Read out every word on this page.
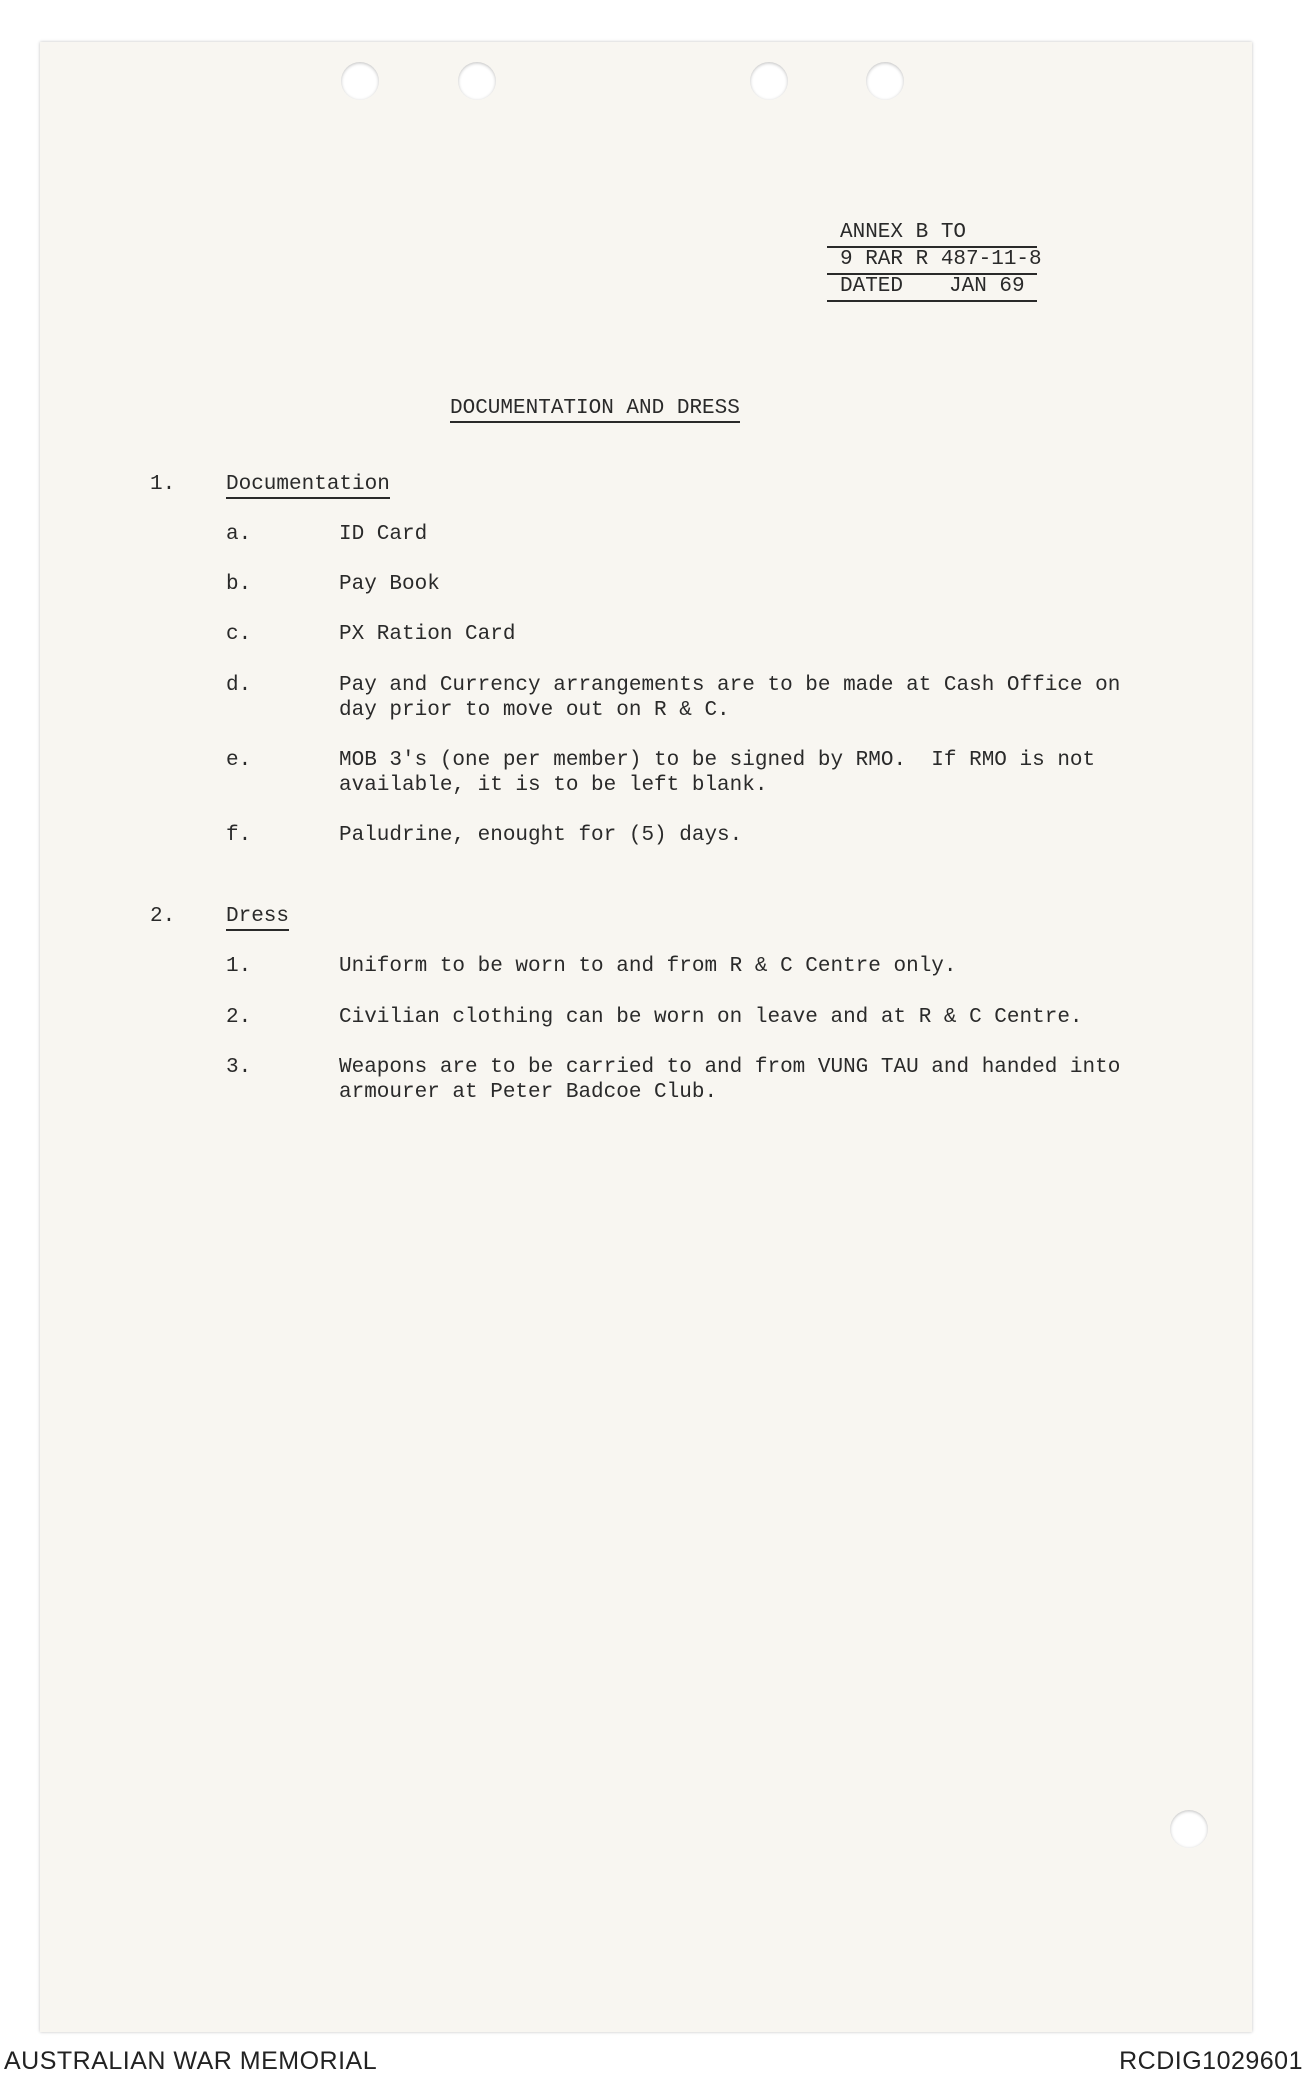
ANNEX B TO
9 RAR R 487-11-8
DATED JAN 69
DOCUMENTATION AND DRESS
1. Documentation
a.	ID Card
b.	Pay Book
c.	PX Ration Card
d.	Pay and Currency arrangements are to be made at Cash Office on
day prior to move out on R & C.
e.	MOB 3's (one per member) to be signed by RMO.  If RMO is not
available, it is to be left blank.
f.	Paludrine, enought for (5) days.
2. Dress
1.	Uniform to be worn to and from R & C Centre only.
2.	Civilian clothing can be worn on leave and at R & C Centre.
3.	Weapons are to be carried to and from VUNG TAU and handed into
armourer at Peter Badcoe Club.
AUSTRALIAN WAR MEMORIAL	RCDIG1029601
